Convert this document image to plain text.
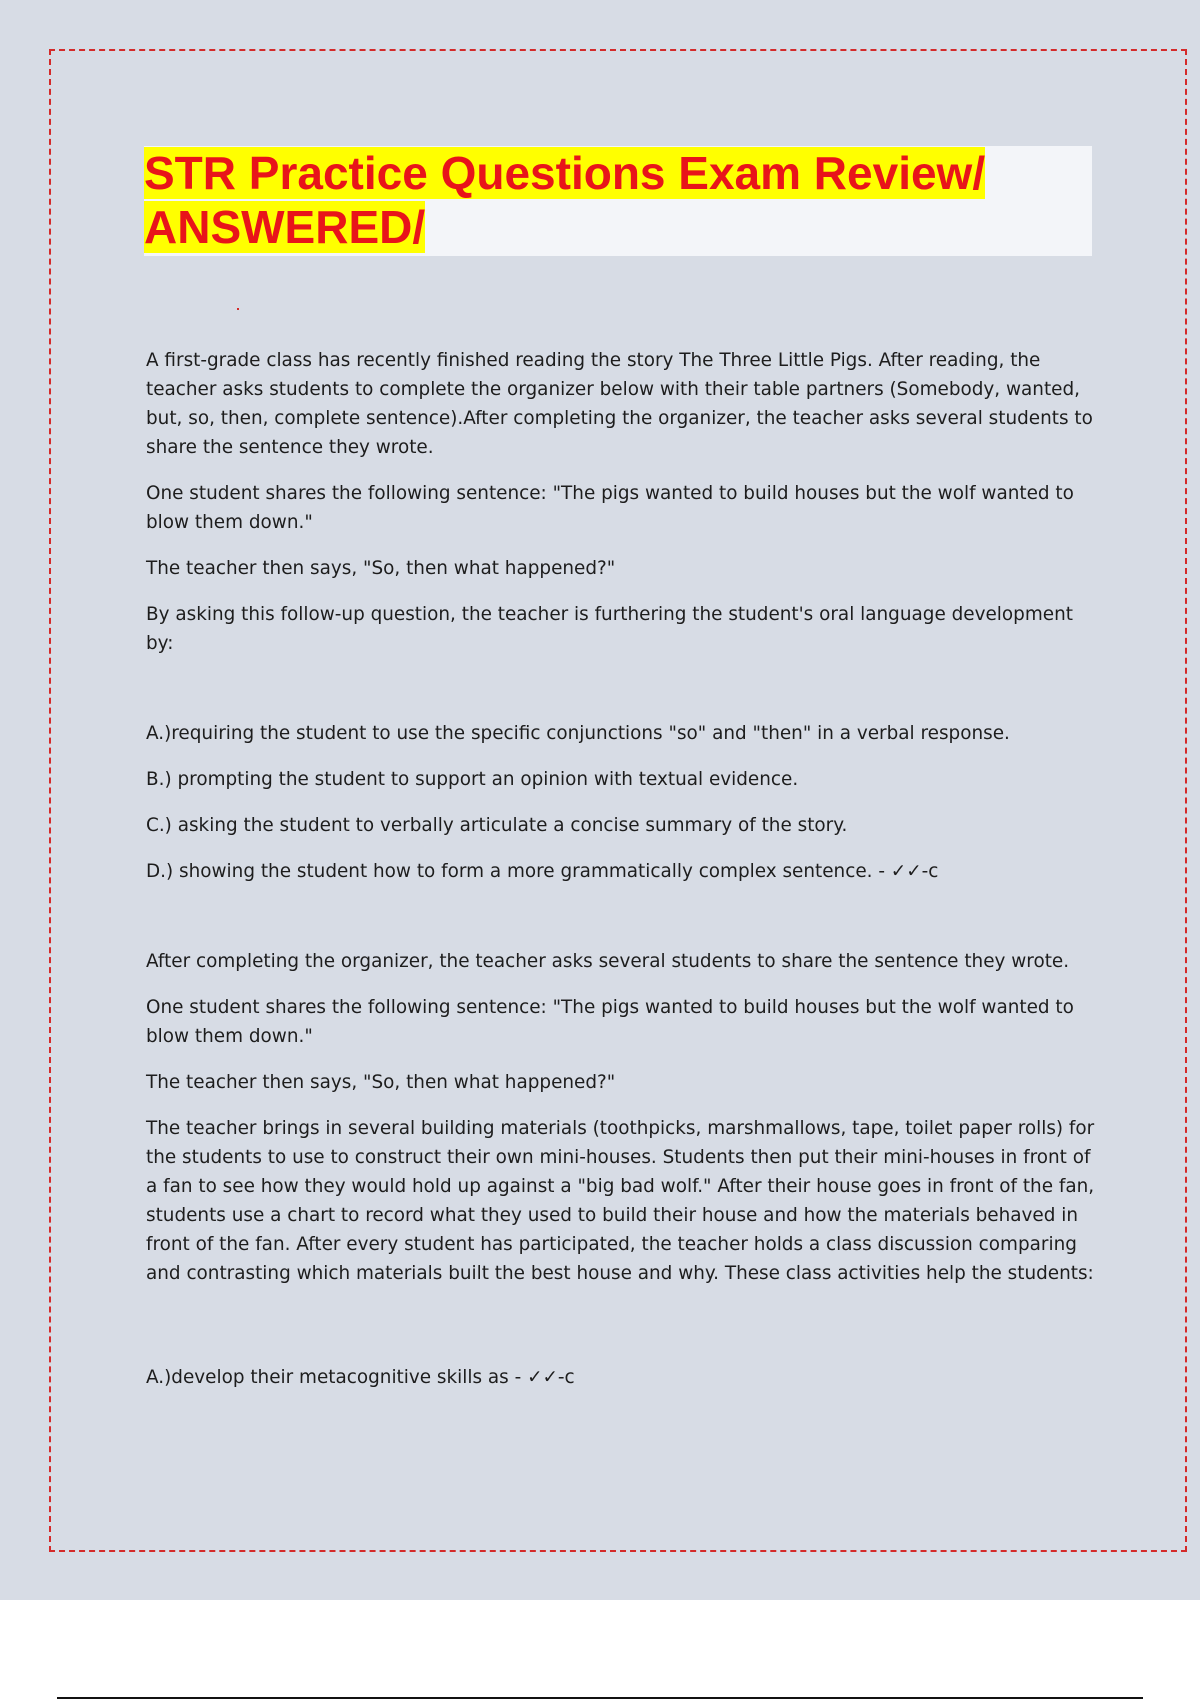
STR Practice Questions Exam Review/
ANSWERED/

A first-grade class has recently finished reading the story The Three Little Pigs. After reading, the teacher asks students to complete the organizer below with their table partners (Somebody, wanted, but, so, then, complete sentence).After completing the organizer, the teacher asks several students to share the sentence they wrote.

One student shares the following sentence: "The pigs wanted to build houses but the wolf wanted to blow them down."

The teacher then says, "So, then what happened?"

By asking this follow-up question, the teacher is furthering the student's oral language development by:

A.)requiring the student to use the specific conjunctions "so" and "then" in a verbal response.

B.) prompting the student to support an opinion with textual evidence.

C.) asking the student to verbally articulate a concise summary of the story.

D.) showing the student how to form a more grammatically complex sentence. - ✓✓-c

After completing the organizer, the teacher asks several students to share the sentence they wrote.

One student shares the following sentence: "The pigs wanted to build houses but the wolf wanted to blow them down."

The teacher then says, "So, then what happened?"

The teacher brings in several building materials (toothpicks, marshmallows, tape, toilet paper rolls) for the students to use to construct their own mini-houses. Students then put their mini-houses in front of a fan to see how they would hold up against a "big bad wolf." After their house goes in front of the fan, students use a chart to record what they used to build their house and how the materials behaved in front of the fan. After every student has participated, the teacher holds a class discussion comparing and contrasting which materials built the best house and why. These class activities help the students:

A.)develop their metacognitive skills as - ✓✓-c
